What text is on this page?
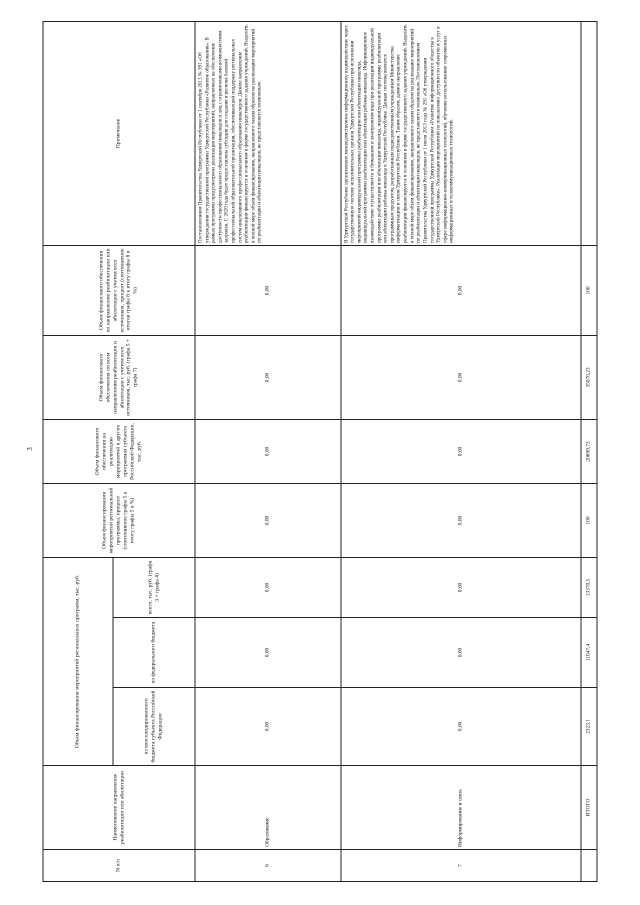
3
N п/п	Наименование направления реабилитации или абилитации	Объем финансирования мероприятий региональных программ, тыс. руб.			Объем финансирования мероприятий региональной программы, процент (соотношение графы 5 к итогу графы 5 в %)	Объем финансового обеспечения на реализацию мероприятий в других программах субъекта Российской Федерации, тыс. руб.	Объем финансового обеспечения по всем направлениям реабилитации и абилитации с учетом всех источников, тыс. руб. (графа 5 + графа 7)	Объем финансового обеспечения по направлению реабилитации или абилитации с учетом всех источников, процент (соотношение итогов графы 8 к итогу графы 8 в %)	Примечание
		из консолидированного бюджета субъекта Российской Федерации	из федерального бюджета	всего, тыс. руб. (графа 3 + графа 4)					
6	Образование	0,00	0,00	0,00	0,00	0,00	0,00	0,00	Постановлением Правительства Удмуртской Республики от 1 сентября 2013 № 391 «Об утверждении государственной программы Удмуртской Республики «Развитие образования». В рамках программы предусмотрены реализация мероприятий, направленных на обеспечение доступности профессионального образования инвалидов и лиц с ограниченными возможностями здоровья. С 2020 года будет предоставлена субсидия для создания в регионе базовой профессиональной образовательной организации, обеспечивающей поддержку региональных систем инклюзивного профессионального образования инвалидов. Данное направление реабилитации финансируется в основном в форме государственного задания учреждений. Выделить в полной мере объем финансирования, направленного таким образом на реализацию мероприятий по реабилитации и абилитации инвалидов, не представляется возможным.
7	Информирование и связь	0,00	0,00	0,00	0,00	0,00	0,00	0,00	В Удмуртской Республике организовано межведомственное информационное взаимодействие через государственную систему исполнительных органов Удмуртской Республики при исполнении мероприятий индивидуальной программы реабилитации или абилитации инвалида, индивидуальной программы реабилитации или абилитации ребенка-инвалида. Информационное взаимодействие осуществляется в бумажном и электронном виде при реализации индивидуальной программы реабилитации или абилитации инвалида, индивидуальной программы реабилитации или абилитации ребенка-инвалида в Удмуртской Республике. Данная система является программным продуктом, разработанным подведомственным учреждением Министерства информатизации и связи Удмуртской Республики. Таким образом, данное направление реабилитации финансируется в основном в форме государственного задания учреждений. Выделить в полной мере объем финансирования, направленного таким образом на реализацию мероприятий по реабилитации и абилитации инвалидов, не представляется возможным. Постановлением Правительства Удмуртской Республики от 1 июля 2013 года № 291 «Об утверждении государственной программы Удмуртской Республики «Развитие информационного общества в Удмуртской Республике». Реализация мероприятий по повышению доступности объектов и услуг в сфере информационно-коммуникационных технологий, обучение использованию современных информационных и телекоммуникационных технологий.
	ИТОГО	2323,1	11047,4	13370,5	100	20699,73	35070,23	100	
